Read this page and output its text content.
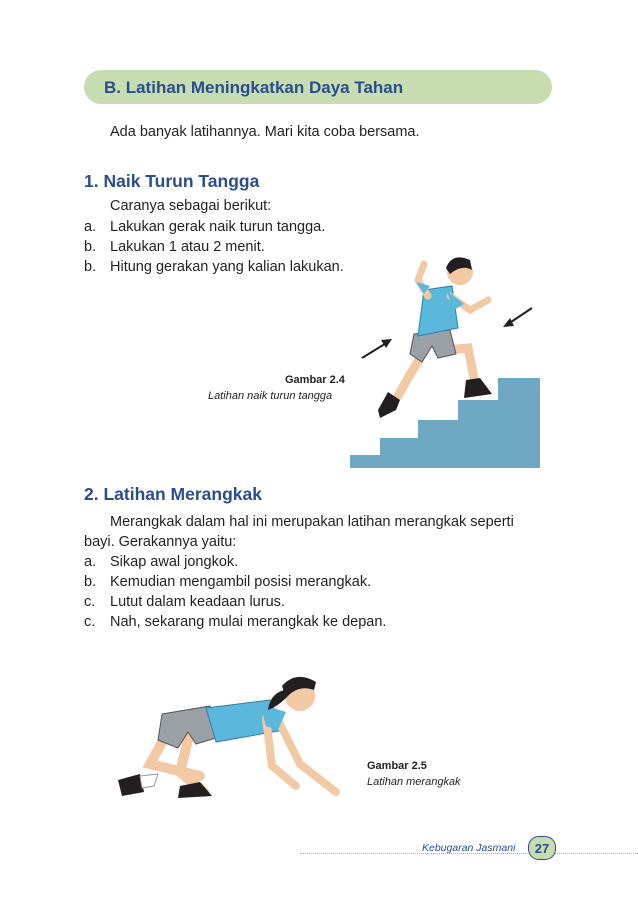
B. Latihan Meningkatkan Daya Tahan
Ada banyak latihannya. Mari kita coba bersama.
1. Naik Turun Tangga
Caranya sebagai berikut:
a. Lakukan gerak naik turun tangga.
b. Lakukan 1 atau 2 menit.
b. Hitung gerakan yang kalian lakukan.
Gambar 2.4
Latihan naik turun tangga
2. Latihan Merangkak
Merangkak dalam hal ini merupakan latihan merangkak seperti
bayi. Gerakannya yaitu:
a. Sikap awal jongkok.
b. Kemudian mengambil posisi merangkak.
c. Lutut dalam keadaan lurus.
c. Nah, sekarang mulai merangkak ke depan.
Gambar 2.5
Latihan merangkak
Kebugaran Jasmani	27
